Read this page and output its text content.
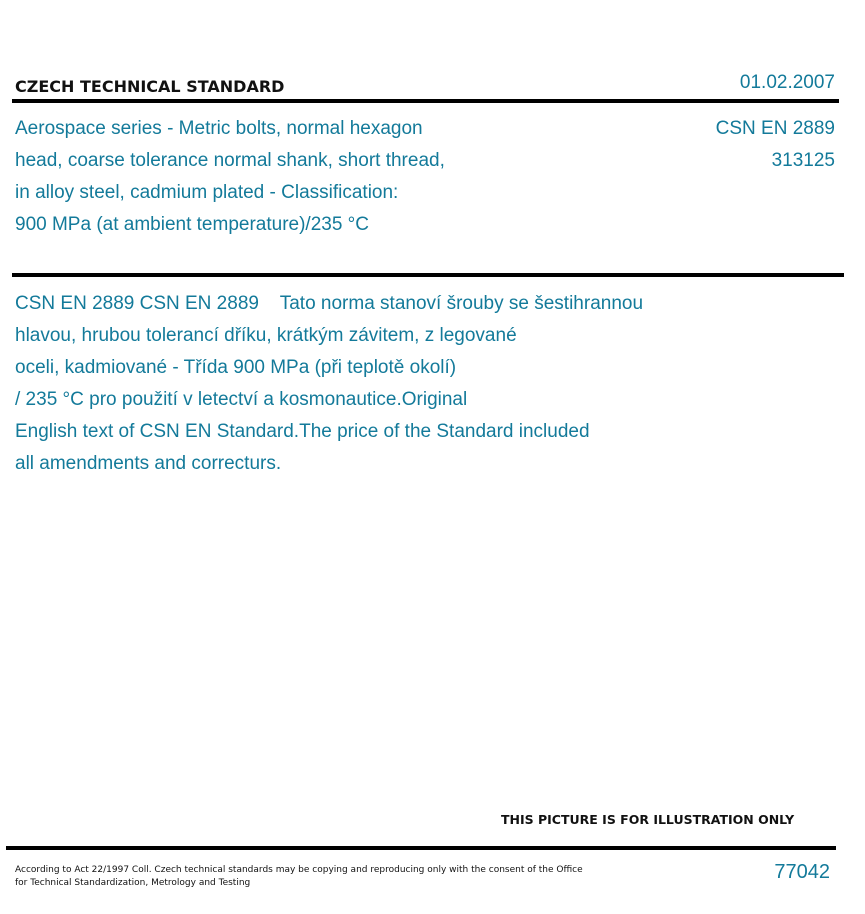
CZECH TECHNICAL STANDARD	01.02.2007
Aerospace series - Metric bolts, normal hexagon
head, coarse tolerance normal shank, short thread,
in alloy steel, cadmium plated - Classification:
900 MPa (at ambient temperature)/235 °C
CSN EN 2889
313125
CSN EN 2889 CSN EN 2889    Tato norma stanoví šrouby se šestihrannou
hlavou, hrubou tolerancí dříku, krátkým závitem, z legované
oceli, kadmiované - Třída 900 MPa (při teplotě okolí)
/ 235 °C pro použití v letectví a kosmonautice.Original
English text of CSN EN Standard.The price of the Standard included
all amendments and correcturs.
THIS PICTURE IS FOR ILLUSTRATION ONLY
According to Act 22/1997 Coll. Czech technical standards may be copying and reproducing only with the consent of the Office
for Technical Standardization, Metrology and Testing	77042
